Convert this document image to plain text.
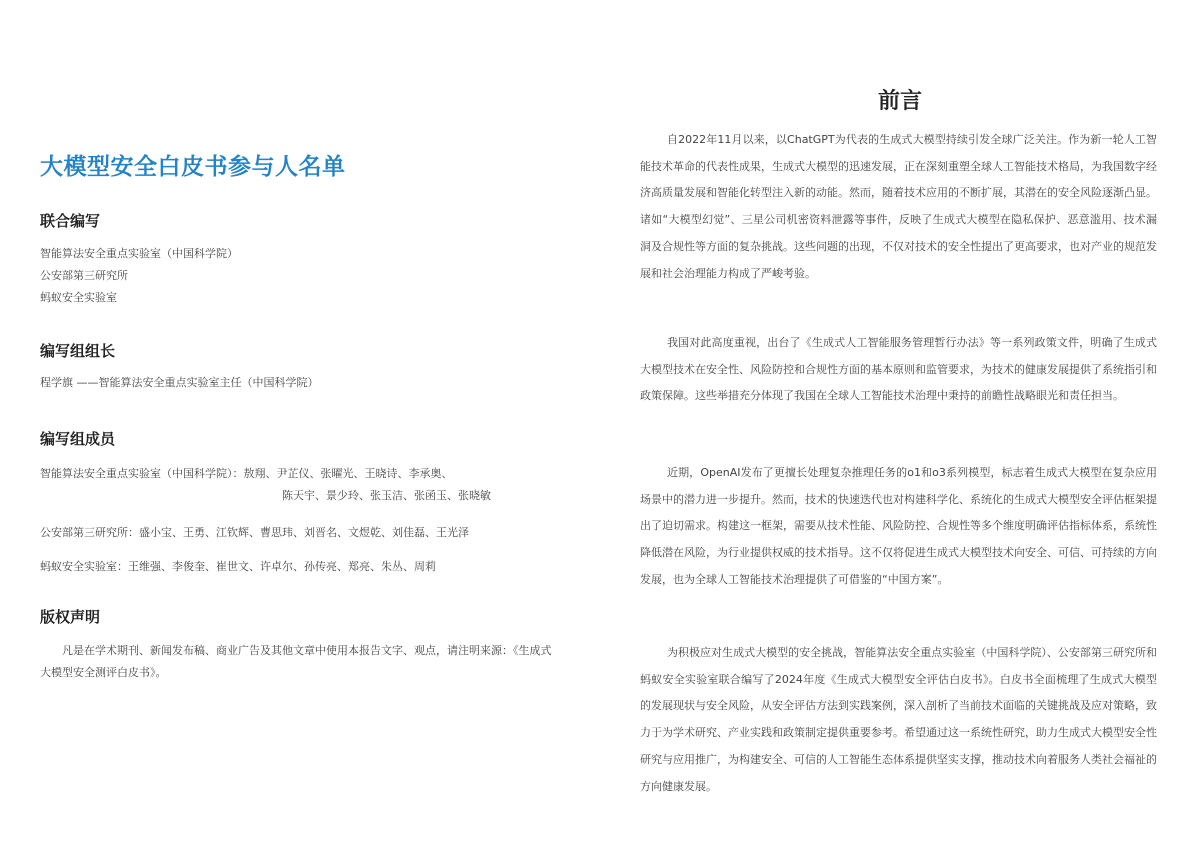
大模型安全白皮书参与人名单
联合编写

智能算法安全重点实验室（中国科学院）

公安部第三研究所

蚂蚁安全实验室

编写组组长

程学旗 ——智能算法安全重点实验室主任（中国科学院）

编写组成员

智能算法安全重点实验室（中国科学院）：敖翔、尹芷仪、张曜光、王晓诗、李承奥、

陈天宇、景少玲、张玉洁、张函玉、张晓敏

公安部第三研究所：盛小宝、王勇、江钦辉、曹思玮、刘晋名、文煜乾、刘佳磊、王光泽

蚂蚁安全实验室：王维强、李俊奎、崔世文、许卓尔、孙传亮、郑亮、朱丛、周莉

版权声明

凡是在学术期刊、新闻发布稿、商业广告及其他文章中使用本报告文字、观点，请注明来源：《生成式大模型安全测评白皮书》。

前言

自2022年11月以来，以ChatGPT为代表的生成式大模型持续引发全球广泛关注。作为新一轮人工智能技术革命的代表性成果，生成式大模型的迅速发展，正在深刻重塑全球人工智能技术格局，为我国数字经济高质量发展和智能化转型注入新的动能。然而，随着技术应用的不断扩展，其潜在的安全风险逐渐凸显。诸如“大模型幻觉”、三星公司机密资料泄露等事件，反映了生成式大模型在隐私保护、恶意滥用、技术漏洞及合规性等方面的复杂挑战。这些问题的出现，不仅对技术的安全性提出了更高要求，也对产业的规范发展和社会治理能力构成了严峻考验。

我国对此高度重视，出台了《生成式人工智能服务管理暂行办法》等一系列政策文件，明确了生成式大模型技术在安全性、风险防控和合规性方面的基本原则和监管要求，为技术的健康发展提供了系统指引和政策保障。这些举措充分体现了我国在全球人工智能技术治理中秉持的前瞻性战略眼光和责任担当。

近期，OpenAI发布了更擅长处理复杂推理任务的o1和o3系列模型，标志着生成式大模型在复杂应用场景中的潜力进一步提升。然而，技术的快速迭代也对构建科学化、系统化的生成式大模型安全评估框架提出了迫切需求。构建这一框架，需要从技术性能、风险防控、合规性等多个维度明确评估指标体系，系统性降低潜在风险，为行业提供权威的技术指导。这不仅将促进生成式大模型技术向安全、可信、可持续的方向发展，也为全球人工智能技术治理提供了可借鉴的“中国方案”。

为积极应对生成式大模型的安全挑战，智能算法安全重点实验室（中国科学院）、公安部第三研究所和蚂蚁安全实验室联合编写了2024年度《生成式大模型安全评估白皮书》。白皮书全面梳理了生成式大模型的发展现状与安全风险，从安全评估方法到实践案例，深入剖析了当前技术面临的关键挑战及应对策略，致力于为学术研究、产业实践和政策制定提供重要参考。希望通过这一系统性研究，助力生成式大模型安全性研究与应用推广，为构建安全、可信的人工智能生态体系提供坚实支撑，推动技术向着服务人类社会福祉的方向健康发展。
